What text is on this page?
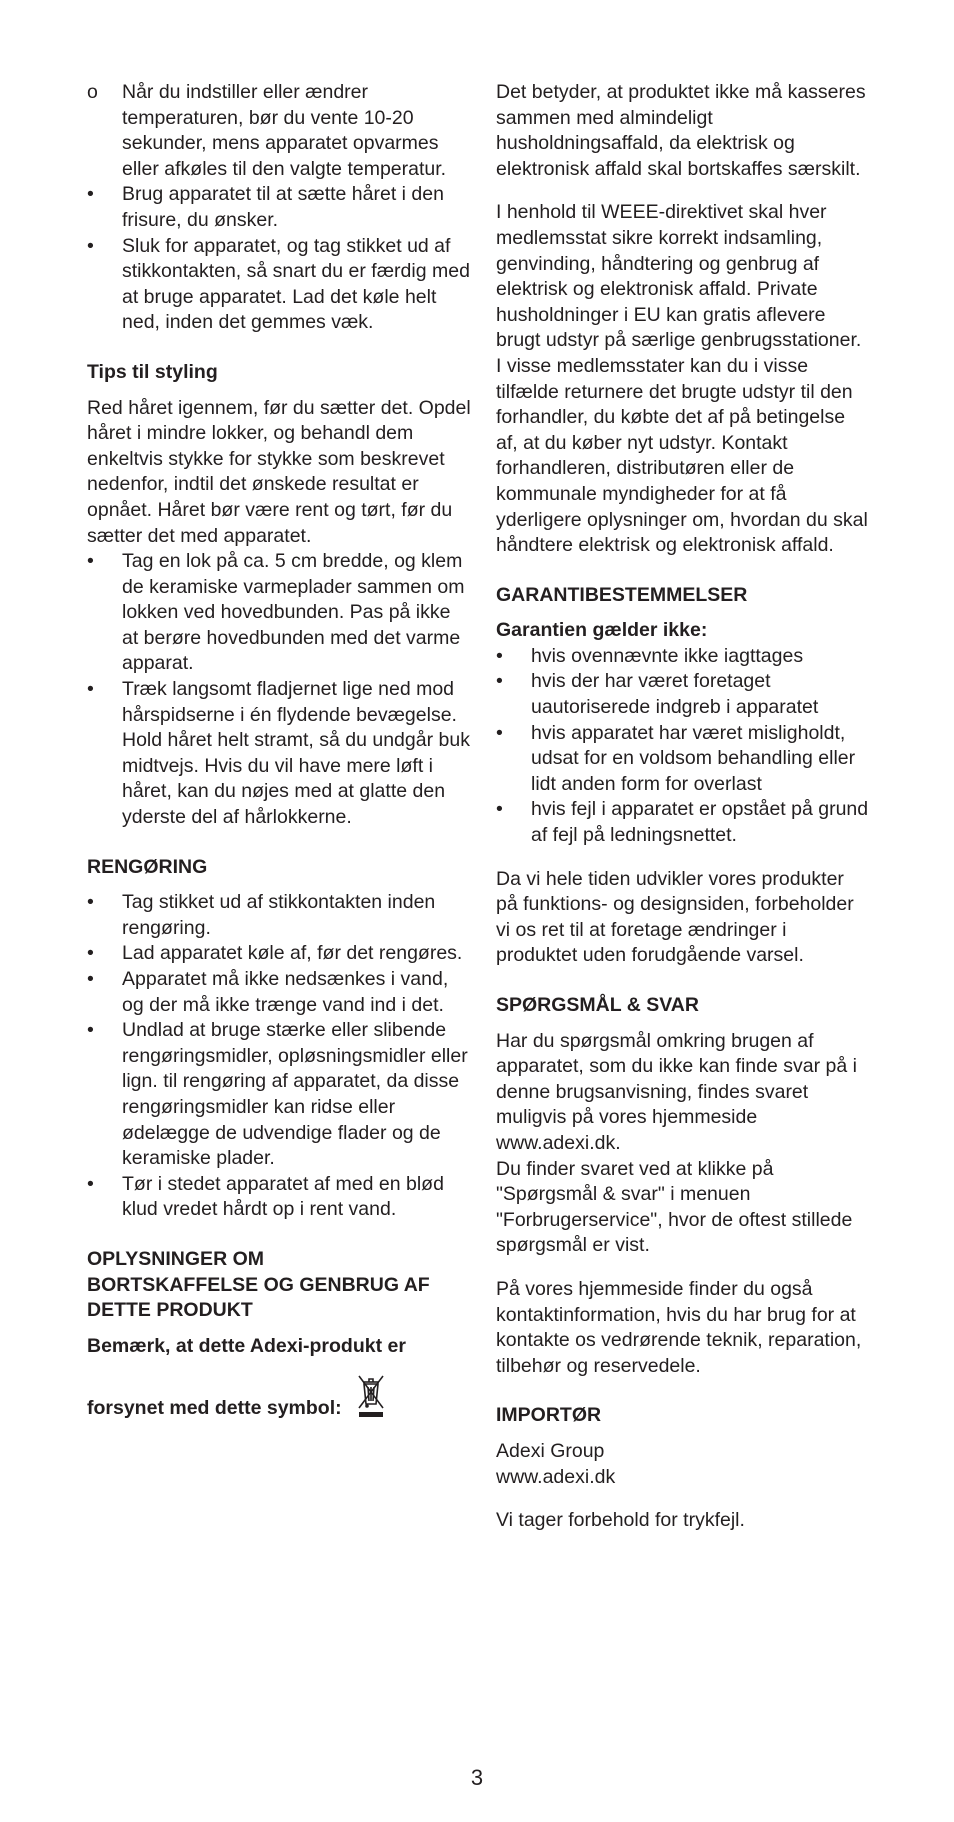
o	Når du indstiller eller ændrer temperaturen, bør du vente 10-20 sekunder, mens apparatet opvarmes eller afkøles til den valgte temperatur.
•	Brug apparatet til at sætte håret i den frisure, du ønsker.
•	Sluk for apparatet, og tag stikket ud af stikkontakten, så snart du er færdig med at bruge apparatet. Lad det køle helt ned, inden det gemmes væk.

Tips til styling

Red håret igennem, før du sætter det. Opdel håret i mindre lokker, og behandl dem enkeltvis stykke for stykke som beskrevet nedenfor, indtil det ønskede resultat er opnået. Håret bør være rent og tørt, før du sætter det med apparatet.

•	Tag en lok på ca. 5 cm bredde, og klem de keramiske varmeplader sammen om lokken ved hovedbunden. Pas på ikke at berøre hovedbunden med det varme apparat.
•	Træk langsomt fladjernet lige ned mod hårspidserne i én flydende bevægelse. Hold håret helt stramt, så du undgår buk midtvejs. Hvis du vil have mere løft i håret, kan du nøjes med at glatte den yderste del af hårlokkerne.

RENGØRING

•	Tag stikket ud af stikkontakten inden rengøring.
•	Lad apparatet køle af, før det rengøres.
•	Apparatet må ikke nedsænkes i vand, og der må ikke trænge vand ind i det.
•	Undlad at bruge stærke eller slibende rengøringsmidler, opløsningsmidler eller lign. til rengøring af apparatet, da disse rengøringsmidler kan ridse eller ødelægge de udvendige flader og de keramiske plader.
•	Tør i stedet apparatet af med en blød klud vredet hårdt op i rent vand.

OPLYSNINGER OM

BORTSKAFFELSE OG GENBRUG AF

DETTE PRODUKT

Bemærk, at dette Adexi-produkt er

forsynet med dette symbol:

Det betyder, at produktet ikke må kasseres sammen med almindeligt husholdningsaffald, da elektrisk og elektronisk affald skal bortskaffes særskilt.

I henhold til WEEE-direktivet skal hver medlemsstat sikre korrekt indsamling, genvinding, håndtering og genbrug af elektrisk og elektronisk affald. Private husholdninger i EU kan gratis aflevere brugt udstyr på særlige genbrugsstationer. I visse medlemsstater kan du i visse tilfælde returnere det brugte udstyr til den forhandler, du købte det af på betingelse af, at du køber nyt udstyr. Kontakt forhandleren, distributøren eller de kommunale myndigheder for at få yderligere oplysninger om, hvordan du skal håndtere elektrisk og elektronisk affald.

GARANTIBESTEMMELSER

Garantien gælder ikke:

•	hvis ovennævnte ikke iagttages
•	hvis der har været foretaget uautoriserede indgreb i apparatet
•	hvis apparatet har været misligholdt, udsat for en voldsom behandling eller lidt anden form for overlast
•	hvis fejl i apparatet er opstået på grund af fejl på ledningsnettet.

Da vi hele tiden udvikler vores produkter på funktions- og designsiden, forbeholder vi os ret til at foretage ændringer i produktet uden forudgående varsel.

SPØRGSMÅL & SVAR

Har du spørgsmål omkring brugen af apparatet, som du ikke kan finde svar på i denne brugsanvisning, findes svaret muligvis på vores hjemmeside www.adexi.dk.

Du finder svaret ved at klikke på "Spørgsmål & svar" i menuen "Forbrugerservice", hvor de oftest stillede spørgsmål er vist.

På vores hjemmeside finder du også kontaktinformation, hvis du har brug for at kontakte os vedrørende teknik, reparation, tilbehør og reservedele.

IMPORTØR

Adexi Group

www.adexi.dk

Vi tager forbehold for trykfejl.

3
